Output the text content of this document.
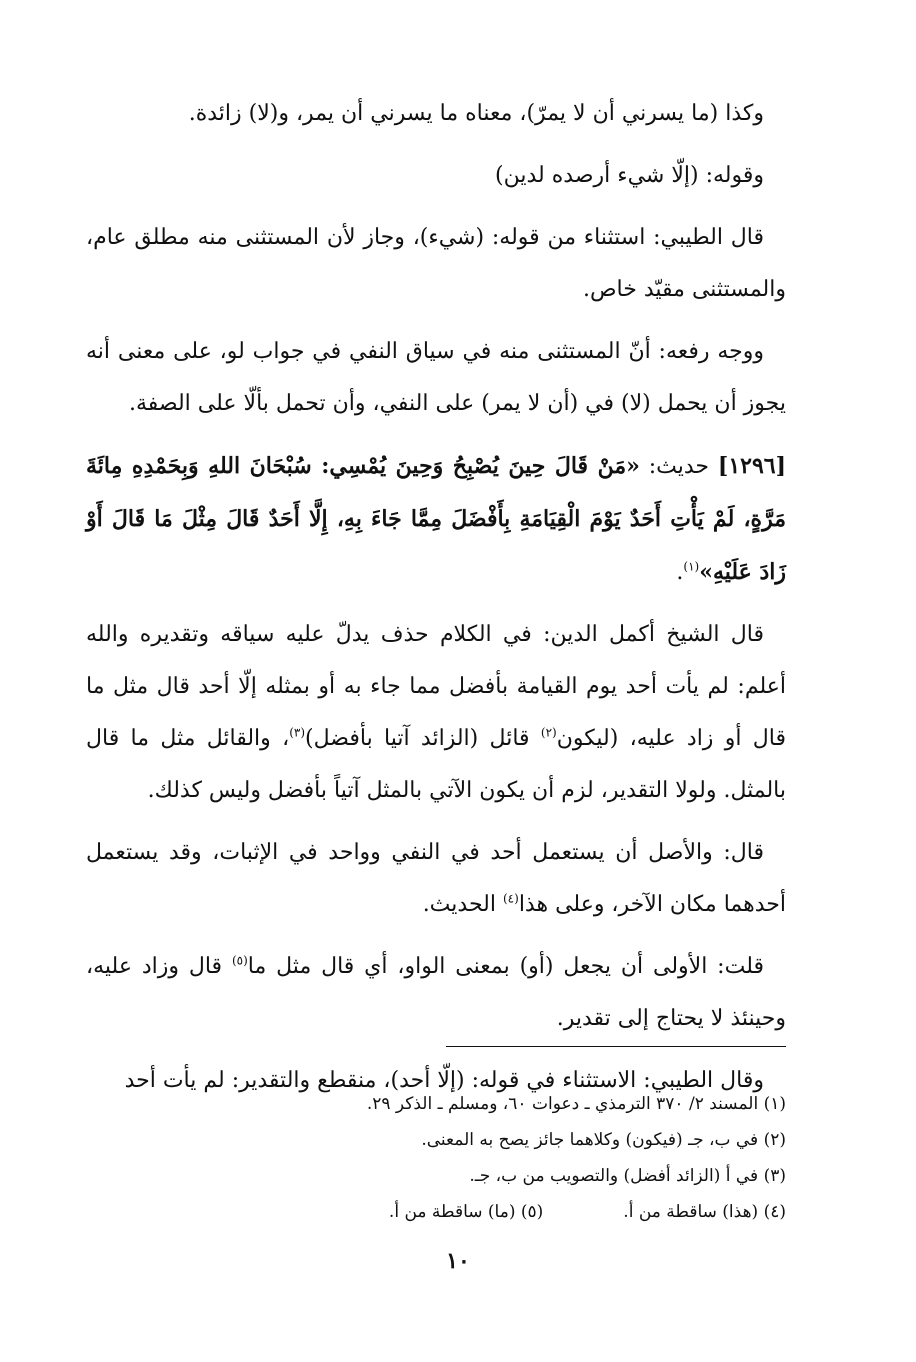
وكذا (ما يسرني أن لا يمرّ)، معناه ما يسرني أن يمر، و(لا) زائدة.

وقوله: (إلّا شيء أرصده لدين)

قال الطيبي: استثناء من قوله: (شيء)، وجاز لأن المستثنى منه مطلق عام، والمستثنى مقيّد خاص.

ووجه رفعه: أنّ المستثنى منه في سياق النفي في جواب لو، على معنى أنه يجوز أن يحمل (لا) في (أن لا يمر) على النفي، وأن تحمل بألّا على الصفة.

[١٢٩٦] حديث: «مَنْ قَالَ حِينَ يُصْبِحُ وَحِينَ يُمْسِي: سُبْحَانَ اللهِ وَبِحَمْدِهِ مِائَةَ مَرَّةٍ، لَمْ يَأْتِ أَحَدٌ يَوْمَ الْقِيَامَةِ بِأَفْضَلَ مِمَّا جَاءَ بِهِ، إِلَّا أَحَدٌ قَالَ مِثْلَ مَا قَالَ أَوْ زَادَ عَلَيْهِ»$^{(١)}$.

قال الشيخ أكمل الدين: في الكلام حذف يدلّ عليه سياقه وتقديره والله أعلم: لم يأت أحد يوم القيامة بأفضل مما جاء به أو بمثله إلّا أحد قال مثل ما قال أو زاد عليه، (ليكون$^{(٢)}$ قائل (الزائد آتيا بأفضل)$^{(٣)}$، والقائل مثل ما قال بالمثل. ولولا التقدير، لزم أن يكون الآتي بالمثل آتياً بأفضل وليس كذلك.

قال: والأصل أن يستعمل أحد في النفي وواحد في الإثبات، وقد يستعمل أحدهما مكان الآخر، وعلى هذا$^{(٤)}$ الحديث.

قلت: الأولى أن يجعل (أو) بمعنى الواو، أي قال مثل ما$^{(٥)}$ قال وزاد عليه، وحينئذ لا يحتاج إلى تقدير.

وقال الطيبي: الاستثناء في قوله: (إلّا أحد)، منقطع والتقدير: لم يأت أحد

(١) المسند ٢/ ٣٧٠ الترمذي ـ دعوات ٦٠، ومسلم ـ الذكر ٢٩.

(٢) في ب، جـ (فيكون) وكلاهما جائز يصح به المعنى.

(٣) في أ (الزائد أفضل) والتصويب من ب، جـ.

(٤) (هذا) ساقطة من أ.

(٥) (ما) ساقطة من أ.

١٠
